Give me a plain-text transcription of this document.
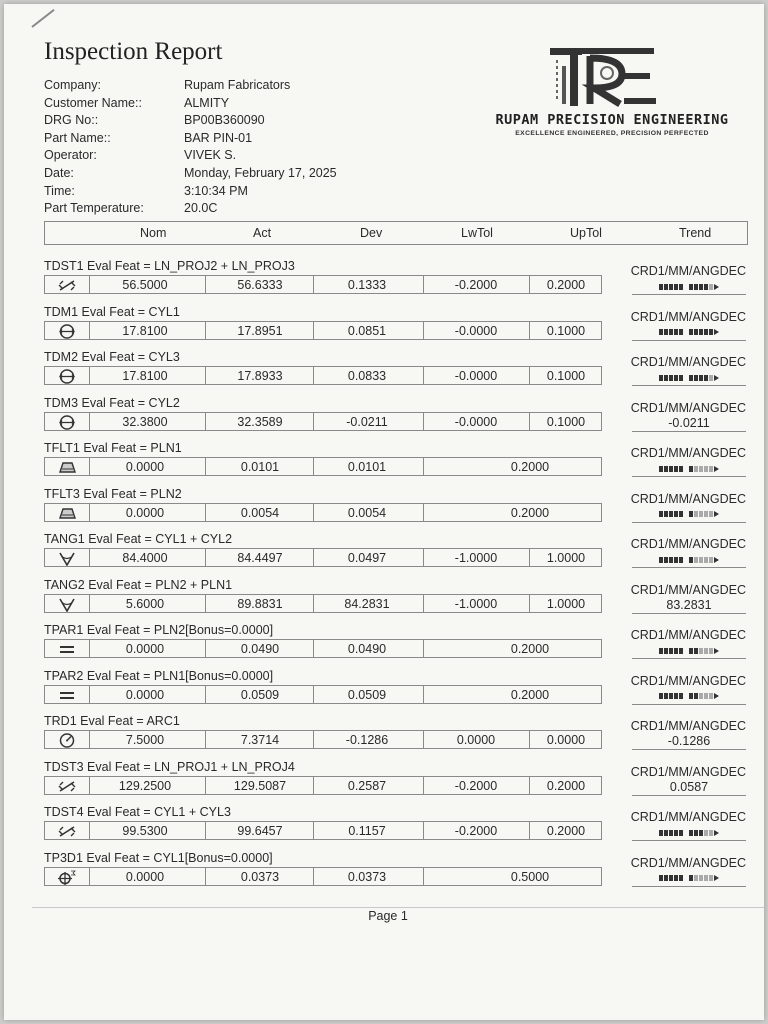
Inspection Report
Company:	Rupam Fabricators
Customer Name::	ALMITY
DRG No::	BP00B360090
Part Name::	BAR PIN-01
Operator:	VIVEK S.
Date:	Monday, February 17, 2025
Time:	3:10:34 PM
Part Temperature:	20.0C
RUPAM PRECISION ENGINEERING
EXCELLENCE ENGINEERED, PRECISION PERFECTED
Nom	Act	Dev	LwTol	UpTol	Trend
TDST1 Eval Feat = LN_PROJ2 + LN_PROJ3	CRD1/MM/ANGDEC
56.5000	56.6333	0.1333	-0.2000	0.2000
TDM1 Eval Feat = CYL1	CRD1/MM/ANGDEC
17.8100	17.8951	0.0851	-0.0000	0.1000
TDM2 Eval Feat = CYL3	CRD1/MM/ANGDEC
17.8100	17.8933	0.0833	-0.0000	0.1000
TDM3 Eval Feat = CYL2	CRD1/MM/ANGDEC
32.3800	32.3589	-0.0211	-0.0000	0.1000	-0.0211
TFLT1 Eval Feat = PLN1	CRD1/MM/ANGDEC
0.0000	0.0101	0.0101	0.2000
TFLT3 Eval Feat = PLN2	CRD1/MM/ANGDEC
0.0000	0.0054	0.0054	0.2000
TANG1 Eval Feat = CYL1 + CYL2	CRD1/MM/ANGDEC
84.4000	84.4497	0.0497	-1.0000	1.0000
TANG2 Eval Feat = PLN2 + PLN1	CRD1/MM/ANGDEC
5.6000	89.8831	84.2831	-1.0000	1.0000	83.2831
TPAR1 Eval Feat = PLN2[Bonus=0.0000]	CRD1/MM/ANGDEC
0.0000	0.0490	0.0490	0.2000
TPAR2 Eval Feat = PLN1[Bonus=0.0000]	CRD1/MM/ANGDEC
0.0000	0.0509	0.0509	0.2000
TRD1 Eval Feat = ARC1	CRD1/MM/ANGDEC
7.5000	7.3714	-0.1286	0.0000	0.0000	-0.1286
TDST3 Eval Feat = LN_PROJ1 + LN_PROJ4	CRD1/MM/ANGDEC
129.2500	129.5087	0.2587	-0.2000	0.2000	0.0587
TDST4 Eval Feat = CYL1 + CYL3	CRD1/MM/ANGDEC
99.5300	99.6457	0.1157	-0.2000	0.2000
TP3D1 Eval Feat = CYL1[Bonus=0.0000]	CRD1/MM/ANGDEC
0.0000	0.0373	0.0373	0.5000
Page 1
